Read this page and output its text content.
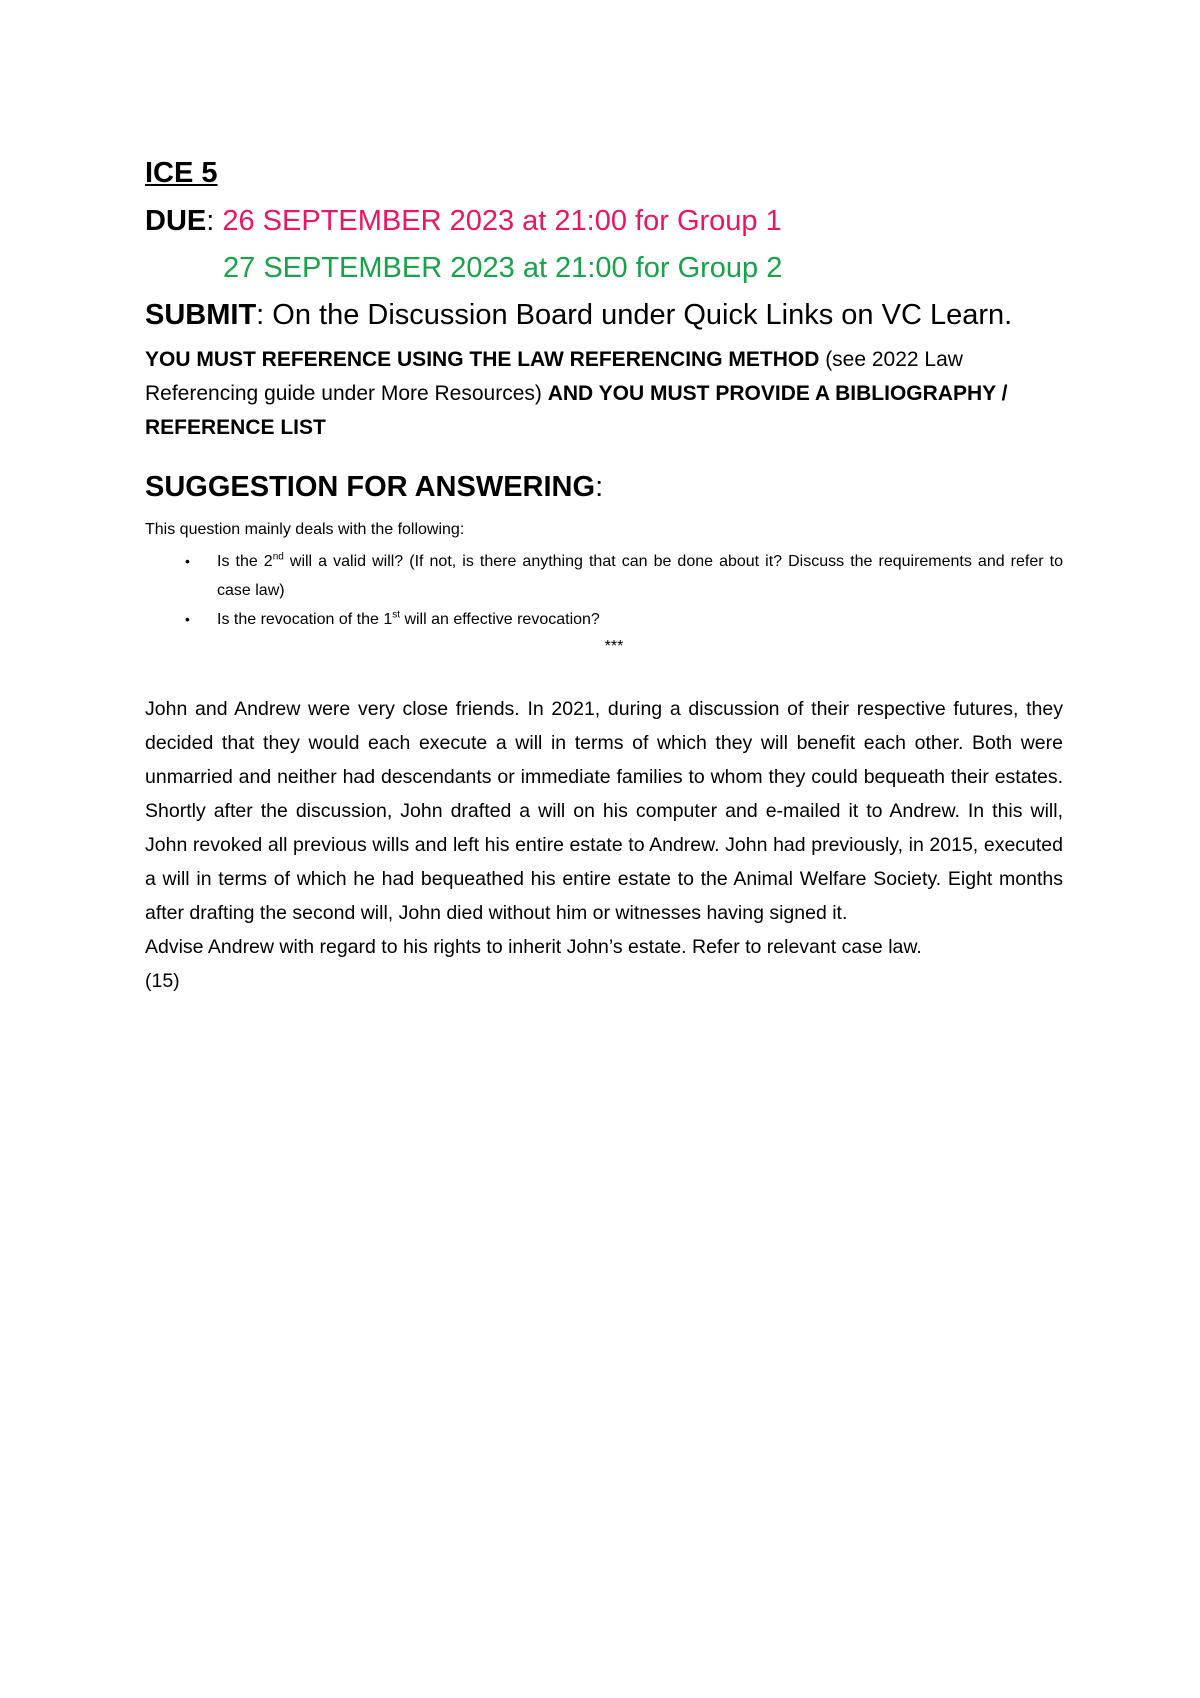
ICE 5
DUE: 26 SEPTEMBER 2023 at 21:00 for Group 1
27 SEPTEMBER 2023 at 21:00 for Group 2
SUBMIT: On the Discussion Board under Quick Links on VC Learn.
YOU MUST REFERENCE USING THE LAW REFERENCING METHOD (see 2022 Law Referencing guide under More Resources) AND YOU MUST PROVIDE A BIBLIOGRAPHY / REFERENCE LIST
SUGGESTION FOR ANSWERING:
This question mainly deals with the following:
• Is the 2nd will a valid will? (If not, is there anything that can be done about it? Discuss the requirements and refer to case law)
• Is the revocation of the 1st will an effective revocation?
***
John and Andrew were very close friends. In 2021, during a discussion of their respective futures, they decided that they would each execute a will in terms of which they will benefit each other. Both were unmarried and neither had descendants or immediate families to whom they could bequeath their estates. Shortly after the discussion, John drafted a will on his computer and e-mailed it to Andrew. In this will, John revoked all previous wills and left his entire estate to Andrew. John had previously, in 2015, executed a will in terms of which he had bequeathed his entire estate to the Animal Welfare Society. Eight months after drafting the second will, John died without him or witnesses having signed it.
Advise Andrew with regard to his rights to inherit John’s estate. Refer to relevant case law.
(15)
